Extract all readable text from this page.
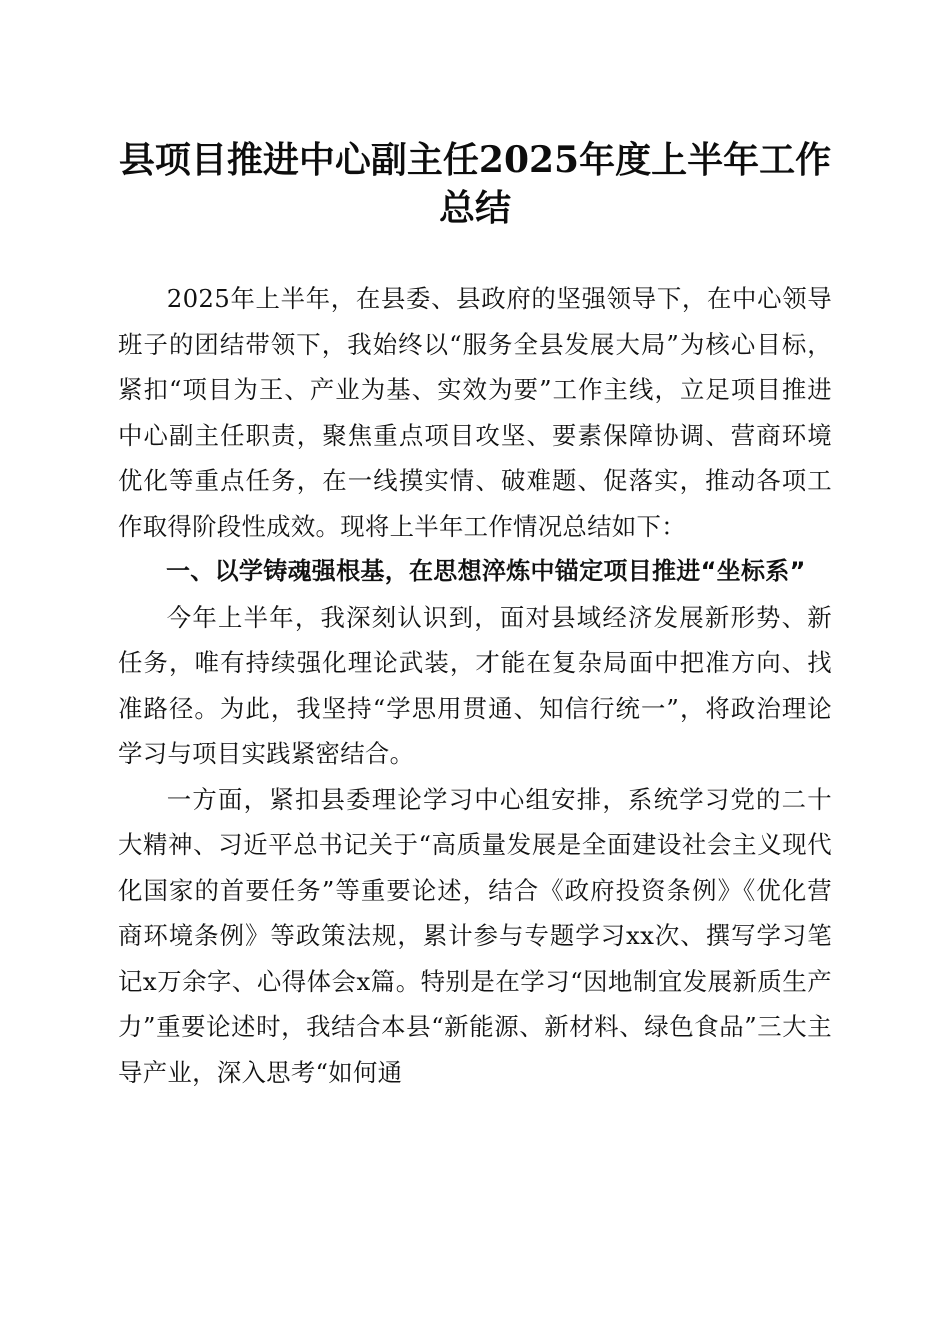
县项目推进中心副主任2025年度上半年工作总结

2025年上半年，在县委、县政府的坚强领导下，在中心领导班子的团结带领下，我始终以“服务全县发展大局”为核心目标，紧扣“项目为王、产业为基、实效为要”工作主线，立足项目推进中心副主任职责，聚焦重点项目攻坚、要素保障协调、营商环境优化等重点任务，在一线摸实情、破难题、促落实，推动各项工作取得阶段性成效。现将上半年工作情况总结如下：

一、以学铸魂强根基，在思想淬炼中锚定项目推进“坐标系”

今年上半年，我深刻认识到，面对县域经济发展新形势、新任务，唯有持续强化理论武装，才能在复杂局面中把准方向、找准路径。为此，我坚持“学思用贯通、知信行统一”，将政治理论学习与项目实践紧密结合。

一方面，紧扣县委理论学习中心组安排，系统学习党的二十大精神、习近平总书记关于“高质量发展是全面建设社会主义现代化国家的首要任务”等重要论述，结合《政府投资条例》《优化营商环境条例》等政策法规，累计参与专题学习xx次、撰写学习笔记x万余字、心得体会x篇。特别是在学习“因地制宜发展新质生产力”重要论述时，我结合本县“新能源、新材料、绿色食品”三大主导产业，深入思考“如何通
